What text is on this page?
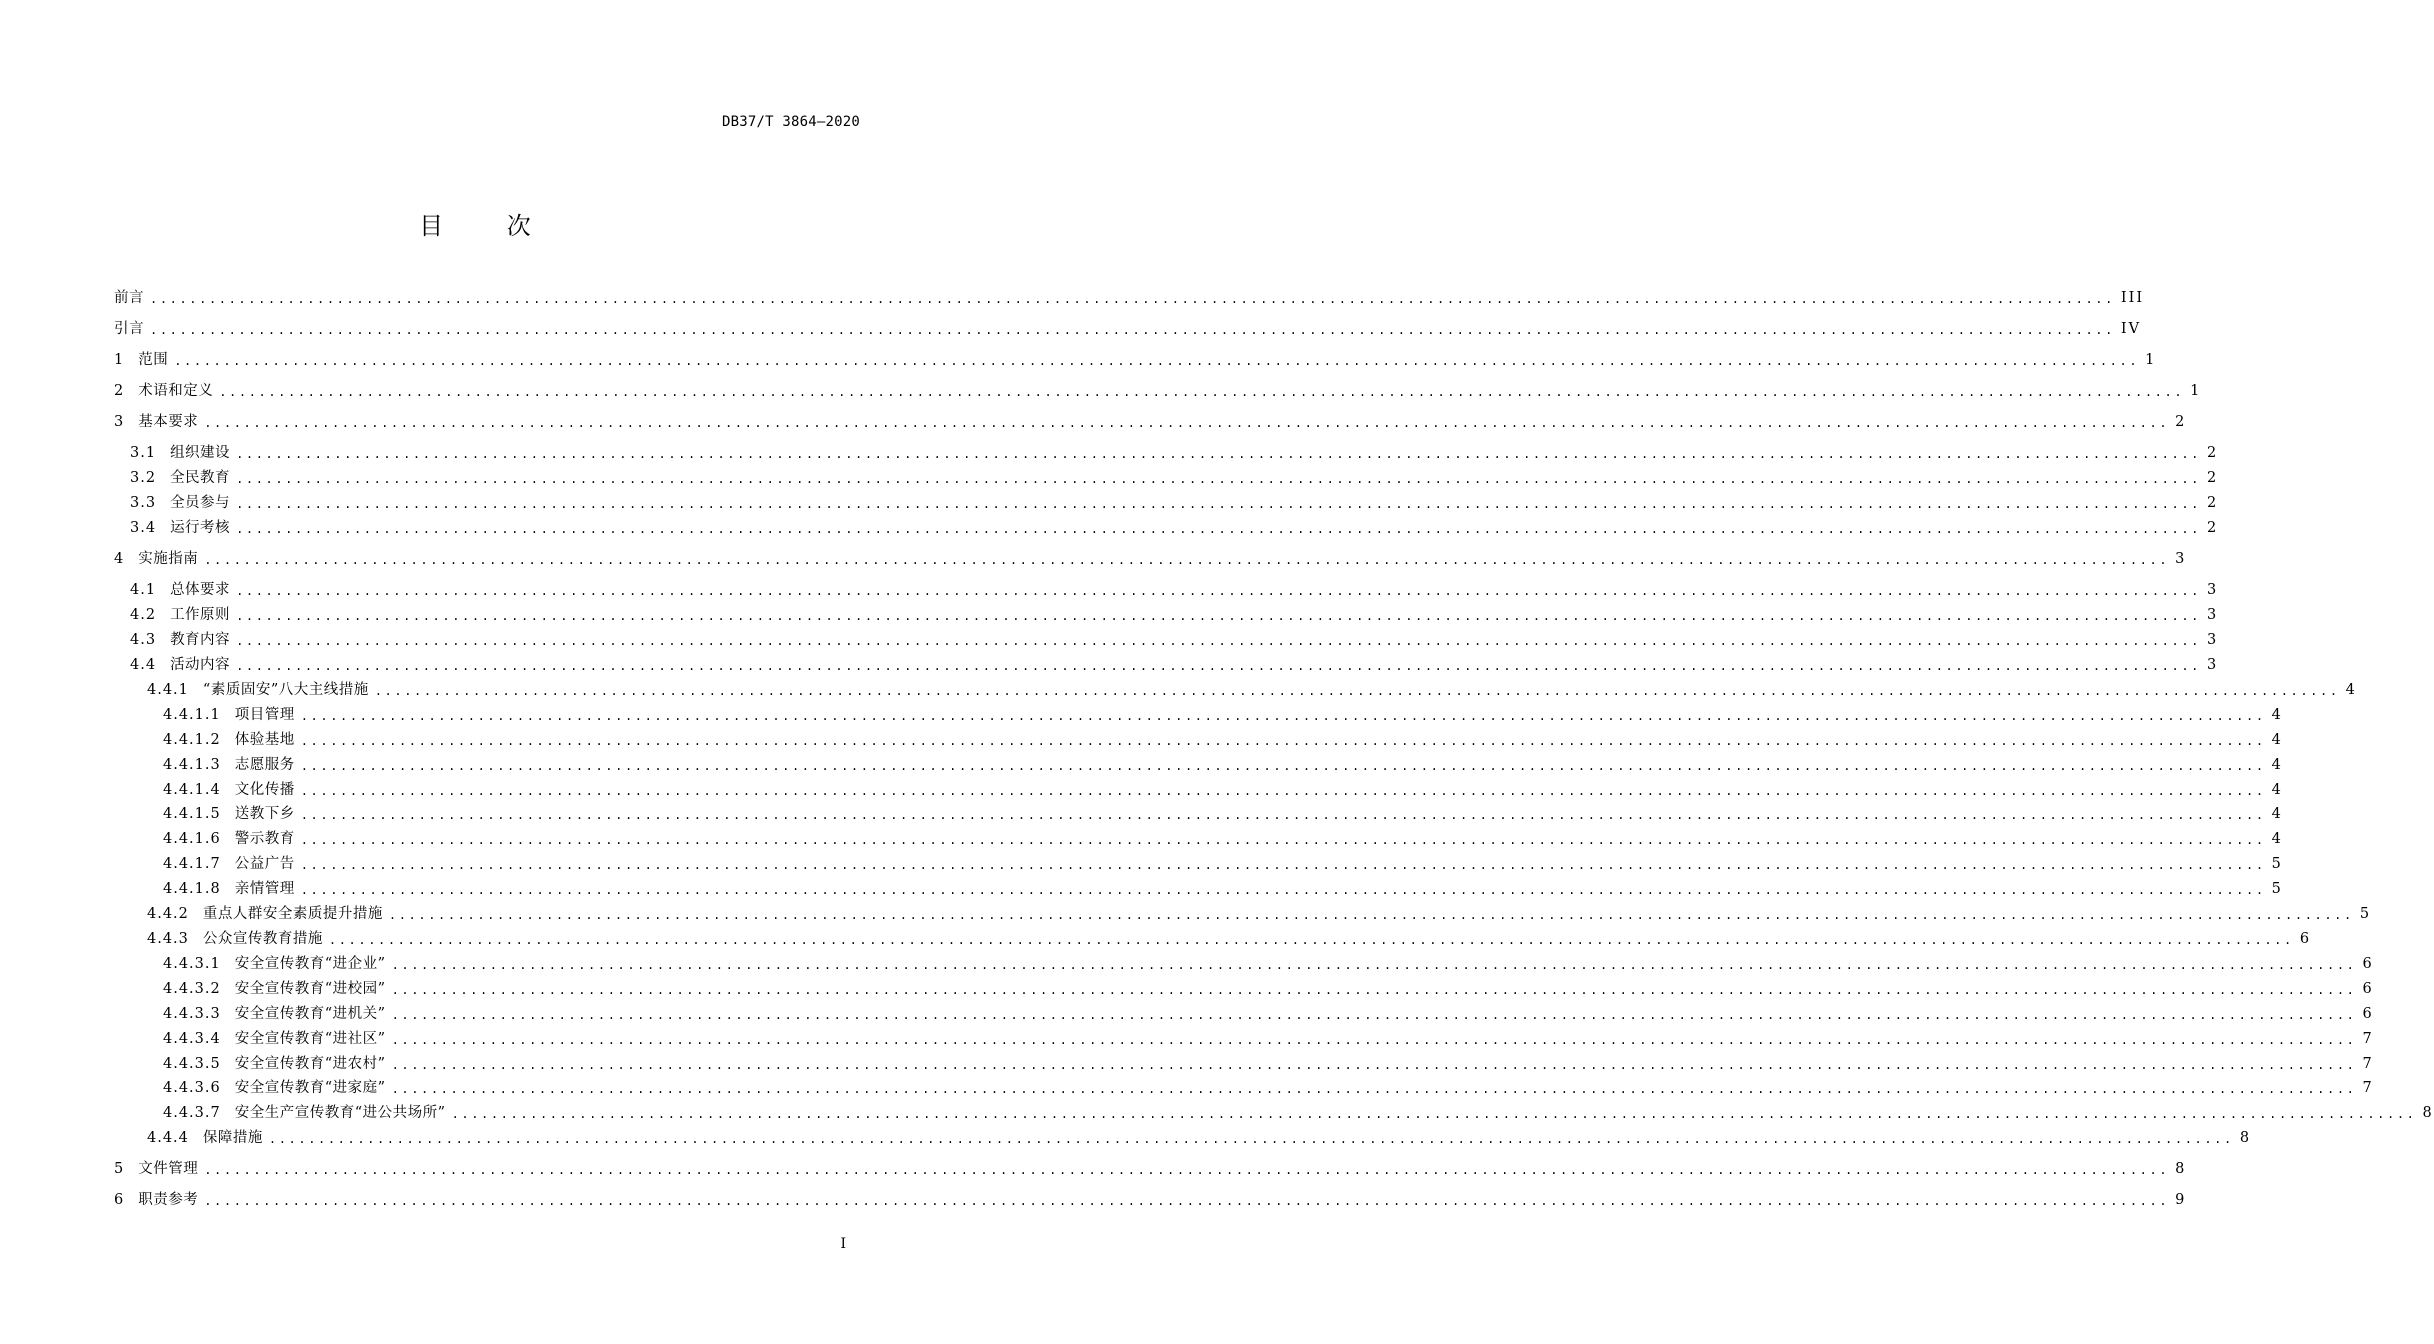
DB37/T 3864—2020
目 次
前言 ........................................................................................................................................................................................................ III
引言 ........................................................................................................................................................................................................ IV
1 范围 ........................................................................................................................................................................................................ 1
2 术语和定义 ........................................................................................................................................................................................................ 1
3 基本要求 ........................................................................................................................................................................................................ 2
3.1 组织建设 ........................................................................................................................................................................................................ 2
3.2 全民教育 ........................................................................................................................................................................................................ 2
3.3 全员参与 ........................................................................................................................................................................................................ 2
3.4 运行考核 ........................................................................................................................................................................................................ 2
4 实施指南 ........................................................................................................................................................................................................ 3
4.1 总体要求 ........................................................................................................................................................................................................ 3
4.2 工作原则 ........................................................................................................................................................................................................ 3
4.3 教育内容 ........................................................................................................................................................................................................ 3
4.4 活动内容 ........................................................................................................................................................................................................ 3
4.4.1 “素质固安”八大主线措施 ........................................................................................................................................................................................................ 4
4.4.1.1 项目管理 ........................................................................................................................................................................................................ 4
4.4.1.2 体验基地 ........................................................................................................................................................................................................ 4
4.4.1.3 志愿服务 ........................................................................................................................................................................................................ 4
4.4.1.4 文化传播 ........................................................................................................................................................................................................ 4
4.4.1.5 送教下乡 ........................................................................................................................................................................................................ 4
4.4.1.6 警示教育 ........................................................................................................................................................................................................ 4
4.4.1.7 公益广告 ........................................................................................................................................................................................................ 5
4.4.1.8 亲情管理 ........................................................................................................................................................................................................ 5
4.4.2 重点人群安全素质提升措施 ........................................................................................................................................................................................................ 5
4.4.3 公众宣传教育措施 ........................................................................................................................................................................................................ 6
4.4.3.1 安全宣传教育“进企业” ........................................................................................................................................................................................................ 6
4.4.3.2 安全宣传教育“进校园” ........................................................................................................................................................................................................ 6
4.4.3.3 安全宣传教育“进机关” ........................................................................................................................................................................................................ 6
4.4.3.4 安全宣传教育“进社区” ........................................................................................................................................................................................................ 7
4.4.3.5 安全宣传教育“进农村” ........................................................................................................................................................................................................ 7
4.4.3.6 安全宣传教育“进家庭” ........................................................................................................................................................................................................ 7
4.4.3.7 安全生产宣传教育“进公共场所” ........................................................................................................................................................................................................ 8
4.4.4 保障措施 ........................................................................................................................................................................................................ 8
5 文件管理 ........................................................................................................................................................................................................ 8
6 职责参考 ........................................................................................................................................................................................................ 9
I
